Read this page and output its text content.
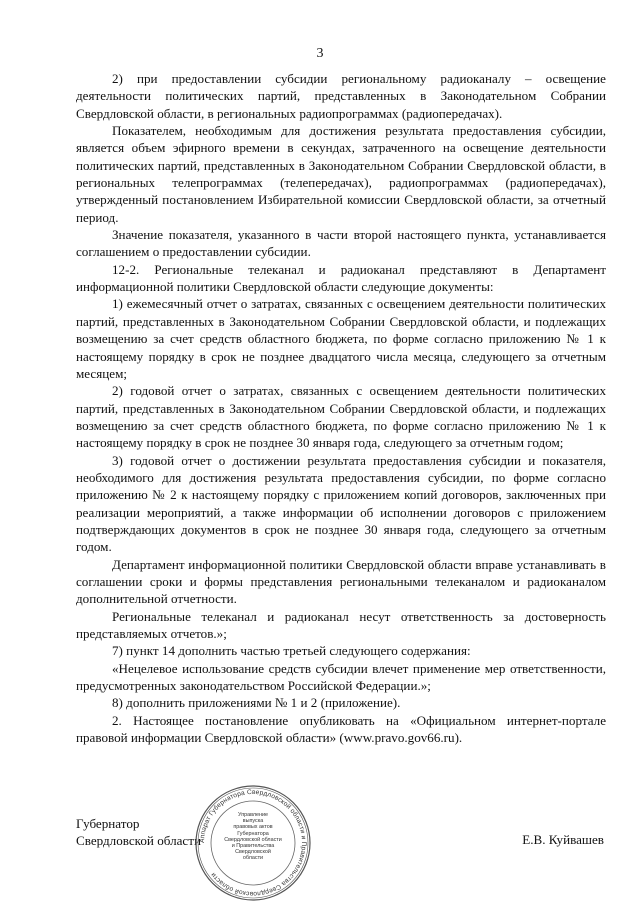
3

2) при предоставлении субсидии региональному радиоканалу – освещение деятельности политических партий, представленных в Законодательном Собрании Свердловской области, в региональных радиопрограммах (радиопередачах).

Показателем, необходимым для достижения результата предоставления субсидии, является объем эфирного времени в секундах, затраченного на освещение деятельности политических партий, представленных в Законодательном Собрании Свердловской области, в региональных телепрограммах (телепередачах), радиопрограммах (радиопередачах), утвержденный постановлением Избирательной комиссии Свердловской области, за отчетный период.

Значение показателя, указанного в части второй настоящего пункта, устанавливается соглашением о предоставлении субсидии.

12-2. Региональные телеканал и радиоканал представляют в Департамент информационной политики Свердловской области следующие документы:

1) ежемесячный отчет о затратах, связанных с освещением деятельности политических партий, представленных в Законодательном Собрании Свердловской области, и подлежащих возмещению за счет средств областного бюджета, по форме согласно приложению № 1 к настоящему порядку в срок не позднее двадцатого числа месяца, следующего за отчетным месяцем;

2) годовой отчет о затратах, связанных с освещением деятельности политических партий, представленных в Законодательном Собрании Свердловской области, и подлежащих возмещению за счет средств областного бюджета, по форме согласно приложению № 1 к настоящему порядку в срок не позднее 30 января года, следующего за отчетным годом;

3) годовой отчет о достижении результата предоставления субсидии и показателя, необходимого для достижения результата предоставления субсидии, по форме согласно приложению № 2 к настоящему порядку с приложением копий договоров, заключенных при реализации мероприятий, а также информации об исполнении договоров с приложением подтверждающих документов в срок не позднее 30 января года, следующего за отчетным годом.

Департамент информационной политики Свердловской области вправе устанавливать в соглашении сроки и формы представления региональными телеканалом и радиоканалом дополнительной отчетности.

Региональные телеканал и радиоканал несут ответственность за достоверность представляемых отчетов.»;

7) пункт 14 дополнить частью третьей следующего содержания:

«Нецелевое использование средств субсидии влечет применение мер ответственности, предусмотренных законодательством Российской Федерации.»;

8) дополнить приложениями № 1 и 2 (приложение).

2. Настоящее постановление опубликовать на «Официальном интернет-портале правовой информации Свердловской области» (www.pravo.gov66.ru).

Губернатор
Свердловской области
Аппарат Губернатора Свердловской области и Правительства Свердловской области
Управление
выпуска
правовых актов
Губернатора
Свердловской области
и Правительства
Свердловской
области
Е.В. Куйвашев
